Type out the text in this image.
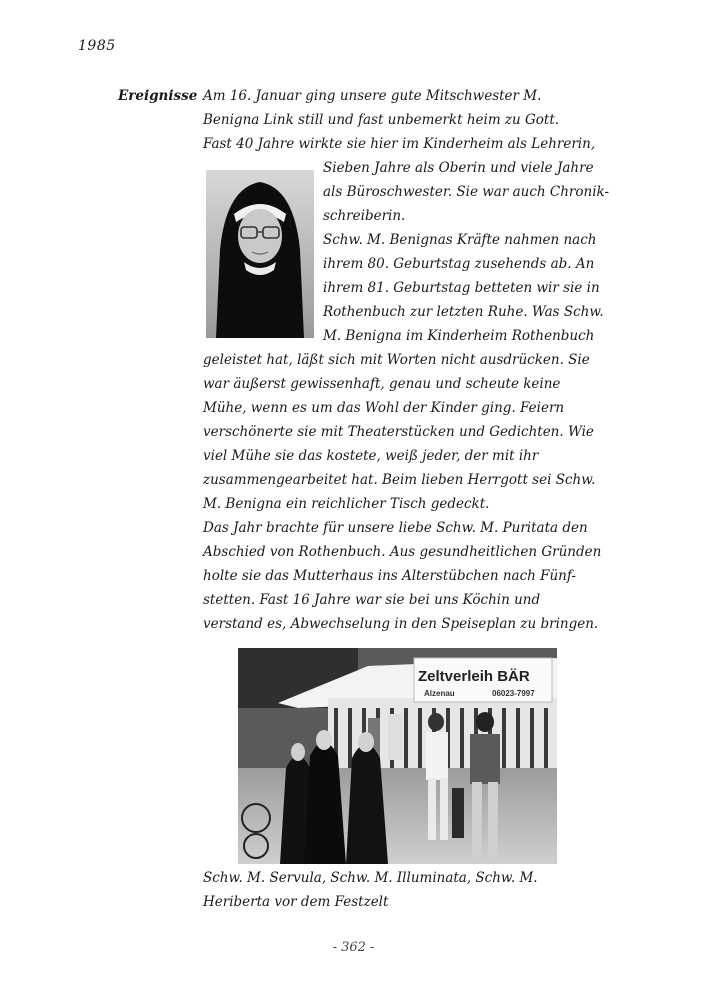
1985
Ereignisse Am 16. Januar ging unsere gute Mitschwester M.
Benigna Link still und fast unbemerkt heim zu Gott.
Fast 40 Jahre wirkte sie hier im Kinderheim als Lehrerin,
Sieben Jahre als Oberin und viele Jahre
als Büroschwester. Sie war auch Chronik-
schreiberin.
Schw. M. Benignas Kräfte nahmen nach
ihrem 80. Geburtstag zusehends ab. An
ihrem 81. Geburtstag betteten wir sie in
Rothenbuch zur letzten Ruhe. Was Schw.
M. Benigna im Kinderheim Rothenbuch
geleistet hat, läßt sich mit Worten nicht ausdrücken. Sie
war äußerst gewissenhaft, genau und scheute keine
Mühe, wenn es um das Wohl der Kinder ging. Feiern
verschönerte sie mit Theaterstücken und Gedichten. Wie
viel Mühe sie das kostete, weiß jeder, der mit ihr
zusammengearbeitet hat. Beim lieben Herrgott sei Schw.
M. Benigna ein reichlicher Tisch gedeckt.
Das Jahr brachte für unsere liebe Schw. M. Puritata den
Abschied von Rothenbuch. Aus gesundheitlichen Gründen
holte sie das Mutterhaus ins Alterstübchen nach Fünf-
stetten. Fast 16 Jahre war sie bei uns Köchin und
verstand es, Abwechselung in den Speiseplan zu bringen.
Zeltverleih BÄR
Alzenau	06023-7997
Schw. M. Servula, Schw. M. Illuminata, Schw. M.
Heriberta vor dem Festzelt
- 362 -
